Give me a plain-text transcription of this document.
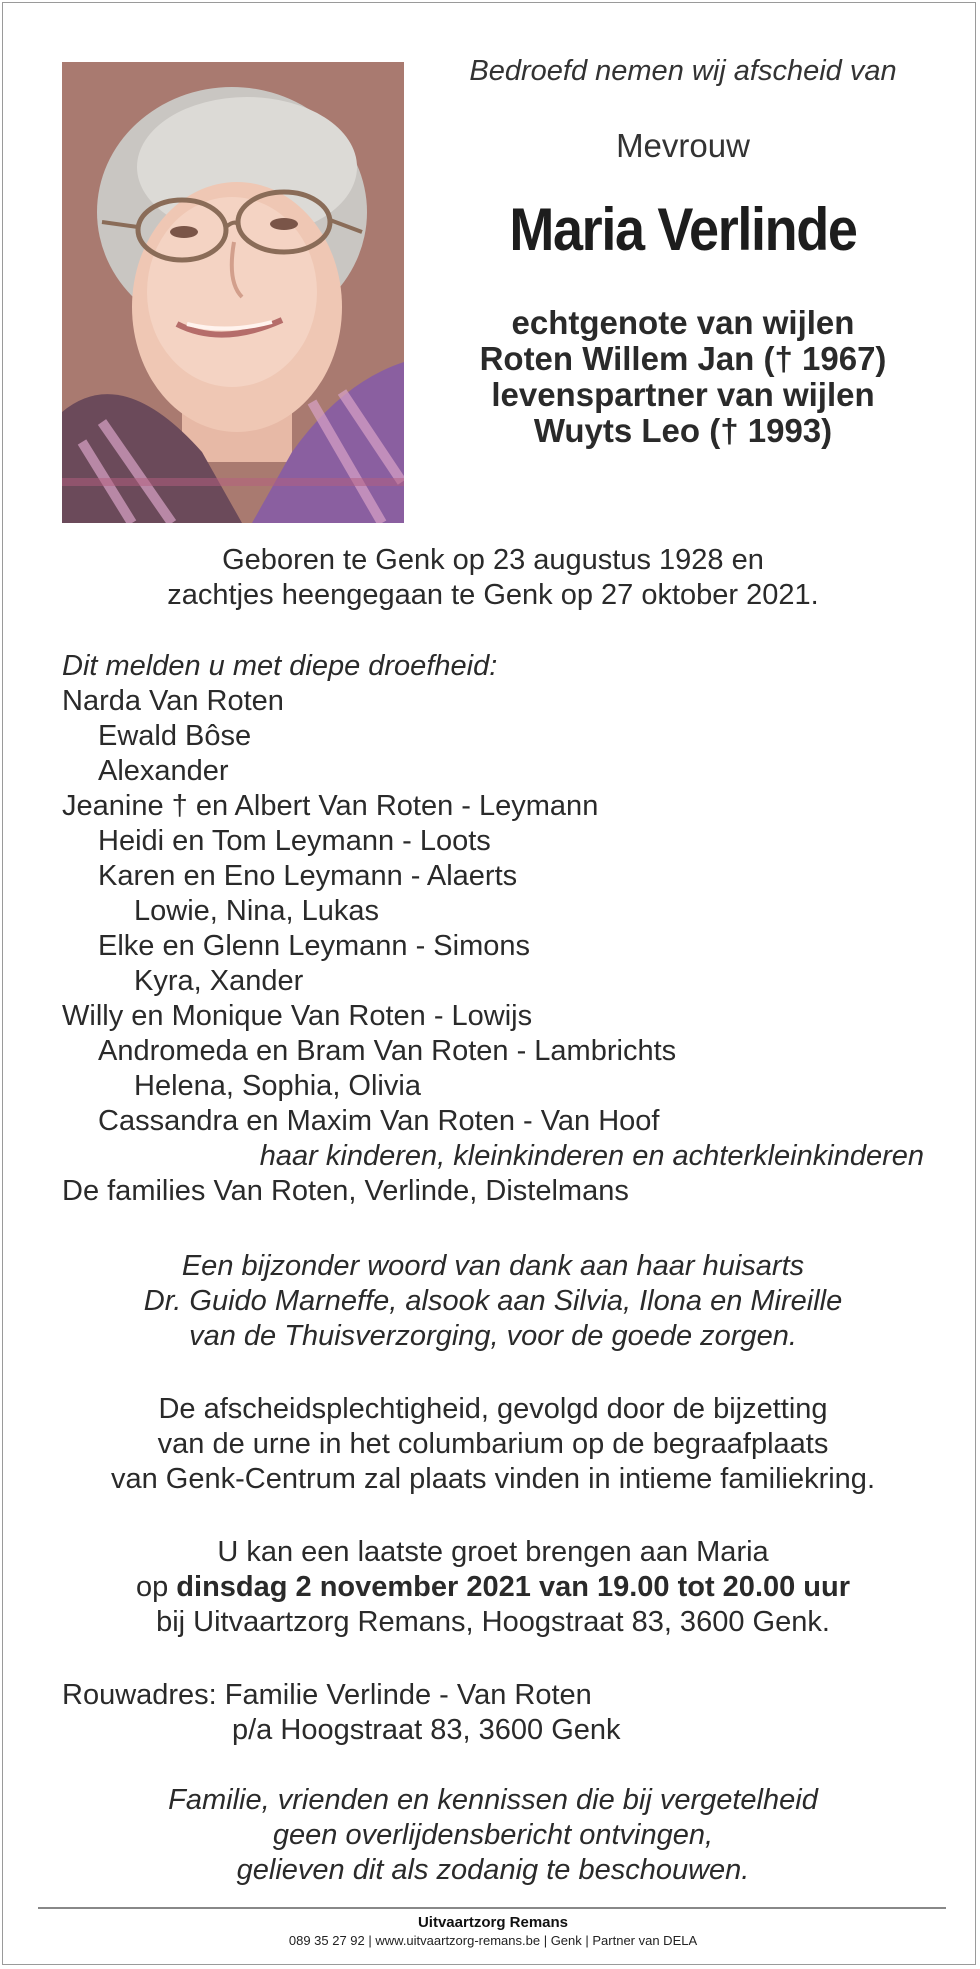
Bedroefd nemen wij afscheid van

Mevrouw

Maria Verlinde

echtgenote van wijlen
Roten Willem Jan († 1967)
levenspartner van wijlen
Wuyts Leo († 1993)
Geboren te Genk op 23 augustus 1928 en
zachtjes heengegaan te Genk op 27 oktober 2021.
Dit melden u met diepe droefheid:
Narda Van Roten
Ewald Bôse
Alexander
Jeanine † en Albert Van Roten - Leymann
Heidi en Tom Leymann - Loots
Karen en Eno Leymann - Alaerts
Lowie, Nina, Lukas
Elke en Glenn Leymann - Simons
Kyra, Xander
Willy en Monique Van Roten - Lowijs
Andromeda en Bram Van Roten - Lambrichts
Helena, Sophia, Olivia
Cassandra en Maxim Van Roten - Van Hoof
haar kinderen, kleinkinderen en achterkleinkinderen
De families Van Roten, Verlinde, Distelmans
Een bijzonder woord van dank aan haar huisarts
Dr. Guido Marneffe, alsook aan Silvia, Ilona en Mireille
van de Thuisverzorging, voor de goede zorgen.
De afscheidsplechtigheid, gevolgd door de bijzetting
van de urne in het columbarium op de begraafplaats
van Genk-Centrum zal plaats vinden in intieme familiekring.
U kan een laatste groet brengen aan Maria
op dinsdag 2 november 2021 van 19.00 tot 20.00 uur
bij Uitvaartzorg Remans, Hoogstraat 83, 3600 Genk.
Rouwadres: Familie Verlinde - Van Roten
p/a Hoogstraat 83, 3600 Genk
Familie, vrienden en kennissen die bij vergetelheid
geen overlijdensbericht ontvingen,
gelieven dit als zodanig te beschouwen.
Uitvaartzorg Remans
089 35 27 92 | www.uitvaartzorg-remans.be | Genk | Partner van DELA
